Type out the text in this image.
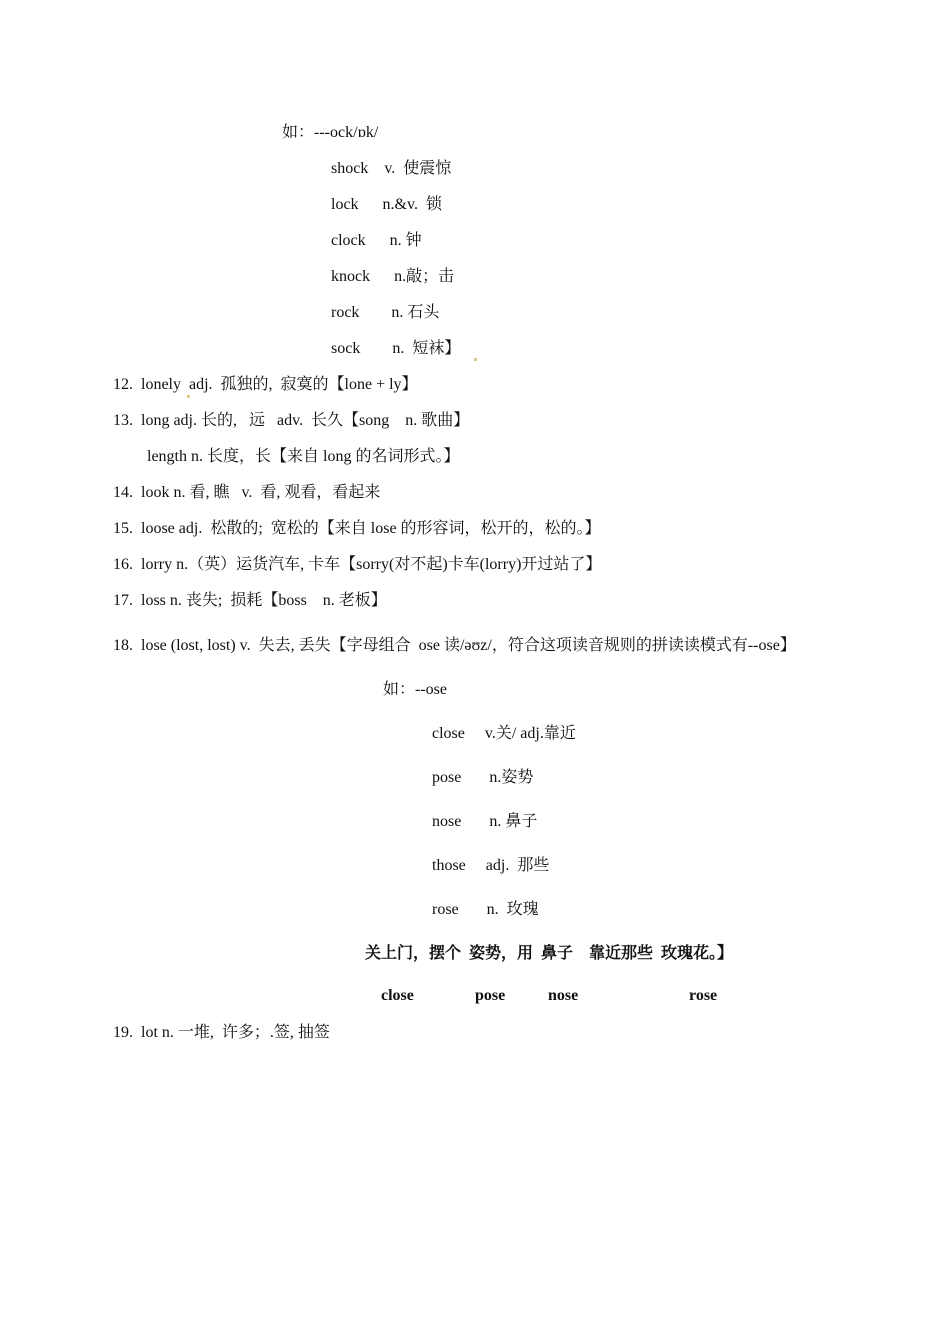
如：---ock/ɒk/
shock    v.  使震惊
lock      n.&v.  锁
clock      n. 钟
knock      n.敲；击
rock        n. 石头
sock        n.  短袜】
12.  lonely  adj.  孤独的,  寂寞的【lone + ly】
13.  long adj. 长的,   远   adv.  长久【song    n. 歌曲】
length n. 长度，长【来自 long 的名词形式。】
14.  look n. 看, 瞧   v.  看, 观看，看起来
15.  loose adj.  松散的;  宽松的【来自 lose 的形容词，松开的，松的。】
16.  lorry n.（英）运货汽车, 卡车【sorry(对不起)卡车(lorry)开过站了】
17.  loss n. 丧失;  损耗【boss    n. 老板】
18.  lose (lost, lost) v.  失去, 丢失【字母组合  ose 读/əʊz/，符合这项读音规则的拼读读模式有--ose】
如：--ose
close     v.关/ adj.靠近
pose       n.姿势
nose       n. 鼻子
those     adj.  那些
rose       n.  玫瑰
关上门，摆个  姿势，用  鼻子    靠近那些  玫瑰花。】
close	pose	nose	rose
19.  lot n. 一堆,  许多；.签, 抽签
